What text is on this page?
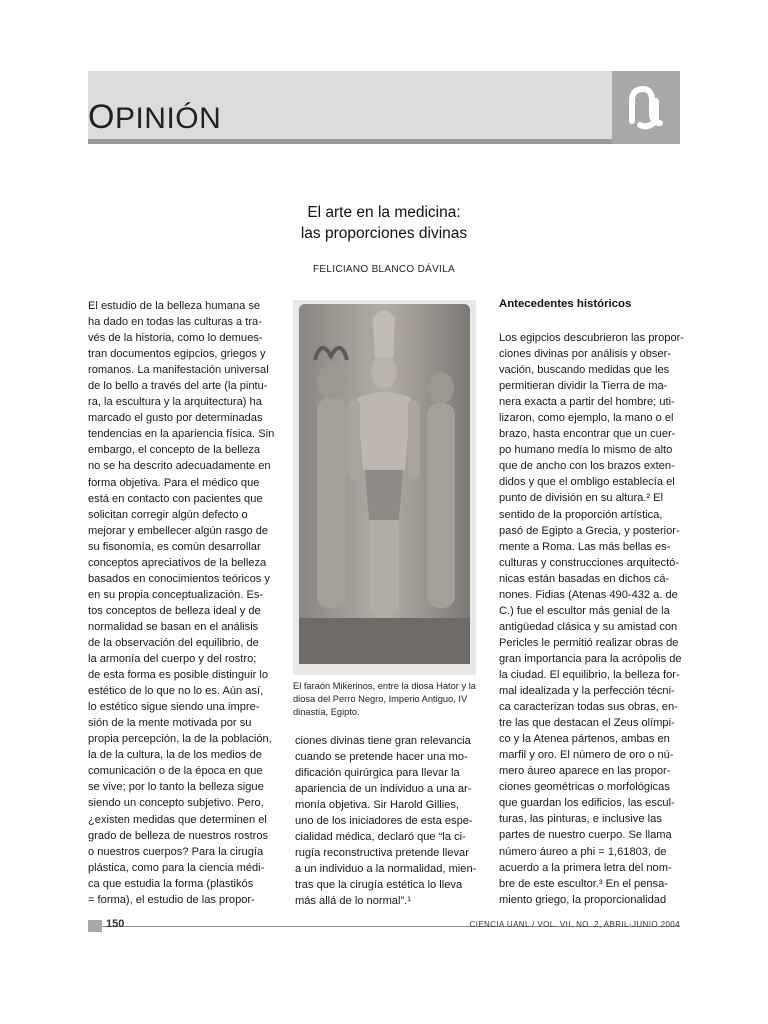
OPINIÓN
El arte en la medicina:
las proporciones divinas
FELICIANO BLANCO DÁVILA
El estudio de la belleza humana se
ha dado en todas las culturas a tra-
vés de la historia, como lo demues-
tran documentos egipcios, griegos y
romanos. La manifestación universal
de lo bello a través del arte (la pintu-
ra, la escultura y la arquitectura) ha
marcado el gusto por determinadas
tendencias en la apariencia física. Sin
embargo, el concepto de la belleza
no se ha descrito adecuadamente en
forma objetiva. Para el médico que
está en contacto con pacientes que
solicitan corregir algún defecto o
mejorar y embellecer algún rasgo de
su fisonomía, es común desarrollar
conceptos apreciativos de la belleza
basados en conocimientos teóricos y
en su propia conceptualización. Es-
tos conceptos de belleza ideal y de
normalidad se basan en el análisis
de la observación del equilibrio, de
la armonía del cuerpo y del rostro;
de esta forma es posible distinguir lo
estético de lo que no lo es. Aún así,
lo estético sigue siendo una impre-
sión de la mente motivada por su
propia percepción, la de la población,
la de la cultura, la de los medios de
comunicación o de la época en que
se vive; por lo tanto la belleza sigue
siendo un concepto subjetivo. Pero,
¿existen medidas que determinen el
grado de belleza de nuestros rostros
o nuestros cuerpos? Para la cirugía
plástica, como para la ciencia médi-
ca que estudia la forma (plastikós
= forma), el estudio de las propor-
El faraón Mikerinos, entre la diosa Hator y la diosa del Perro Negro, Imperio Antiguo, IV dinastía, Egipto.
ciones divinas tiene gran relevancia
cuando se pretende hacer una mo-
dificación quirúrgica para llevar la
apariencia de un individuo a una ar-
monía objetiva. Sir Harold Gillies,
uno de los iniciadores de esta espe-
cialidad médica, declaró que “la ci-
rugía reconstructiva pretende llevar
a un individuo a la normalidad, mien-
tras que la cirugía estética lo lleva
más allá de lo normal”.¹
Antecedentes históricos
Los egipcios descubrieron las propor-
ciones divinas por análisis y obser-
vación, buscando medidas que les
permitieran dividir la Tierra de ma-
nera exacta a partir del hombre; uti-
lizaron, como ejemplo, la mano o el
brazo, hasta encontrar que un cuer-
po humano medía lo mismo de alto
que de ancho con los brazos exten-
didos y que el ombligo establecía el
punto de división en su altura.² El
sentido de la proporción artística,
pasó de Egipto a Grecia, y posterior-
mente a Roma. Las más bellas es-
culturas y construcciones arquitectó-
nicas están basadas en dichos cá-
nones. Fidias (Atenas 490-432 a. de
C.) fue el escultor más genial de la
antigüedad clásica y su amistad con
Pericles le permitió realizar obras de
gran importancia para la acrópolis de
la ciudad. El equilibrio, la belleza for-
mal idealizada y la perfección técni-
ca caracterizan todas sus obras, en-
tre las que destacan el Zeus olímpi-
co y la Atenea pártenos, ambas en
marfil y oro. El número de oro o nú-
mero áureo aparece en las propor-
ciones geométricas o morfológicas
que guardan los edificios, las escul-
turas, las pinturas, e inclusive las
partes de nuestro cuerpo. Se llama
número áureo a phi = 1,61803, de
acuerdo a la primera letra del nom-
bre de este escultor.³ En el pensa-
miento griego, la proporcionalidad
150	CIENCIA UANL / VOL. VII, NO. 2, ABRIL-JUNIO 2004
